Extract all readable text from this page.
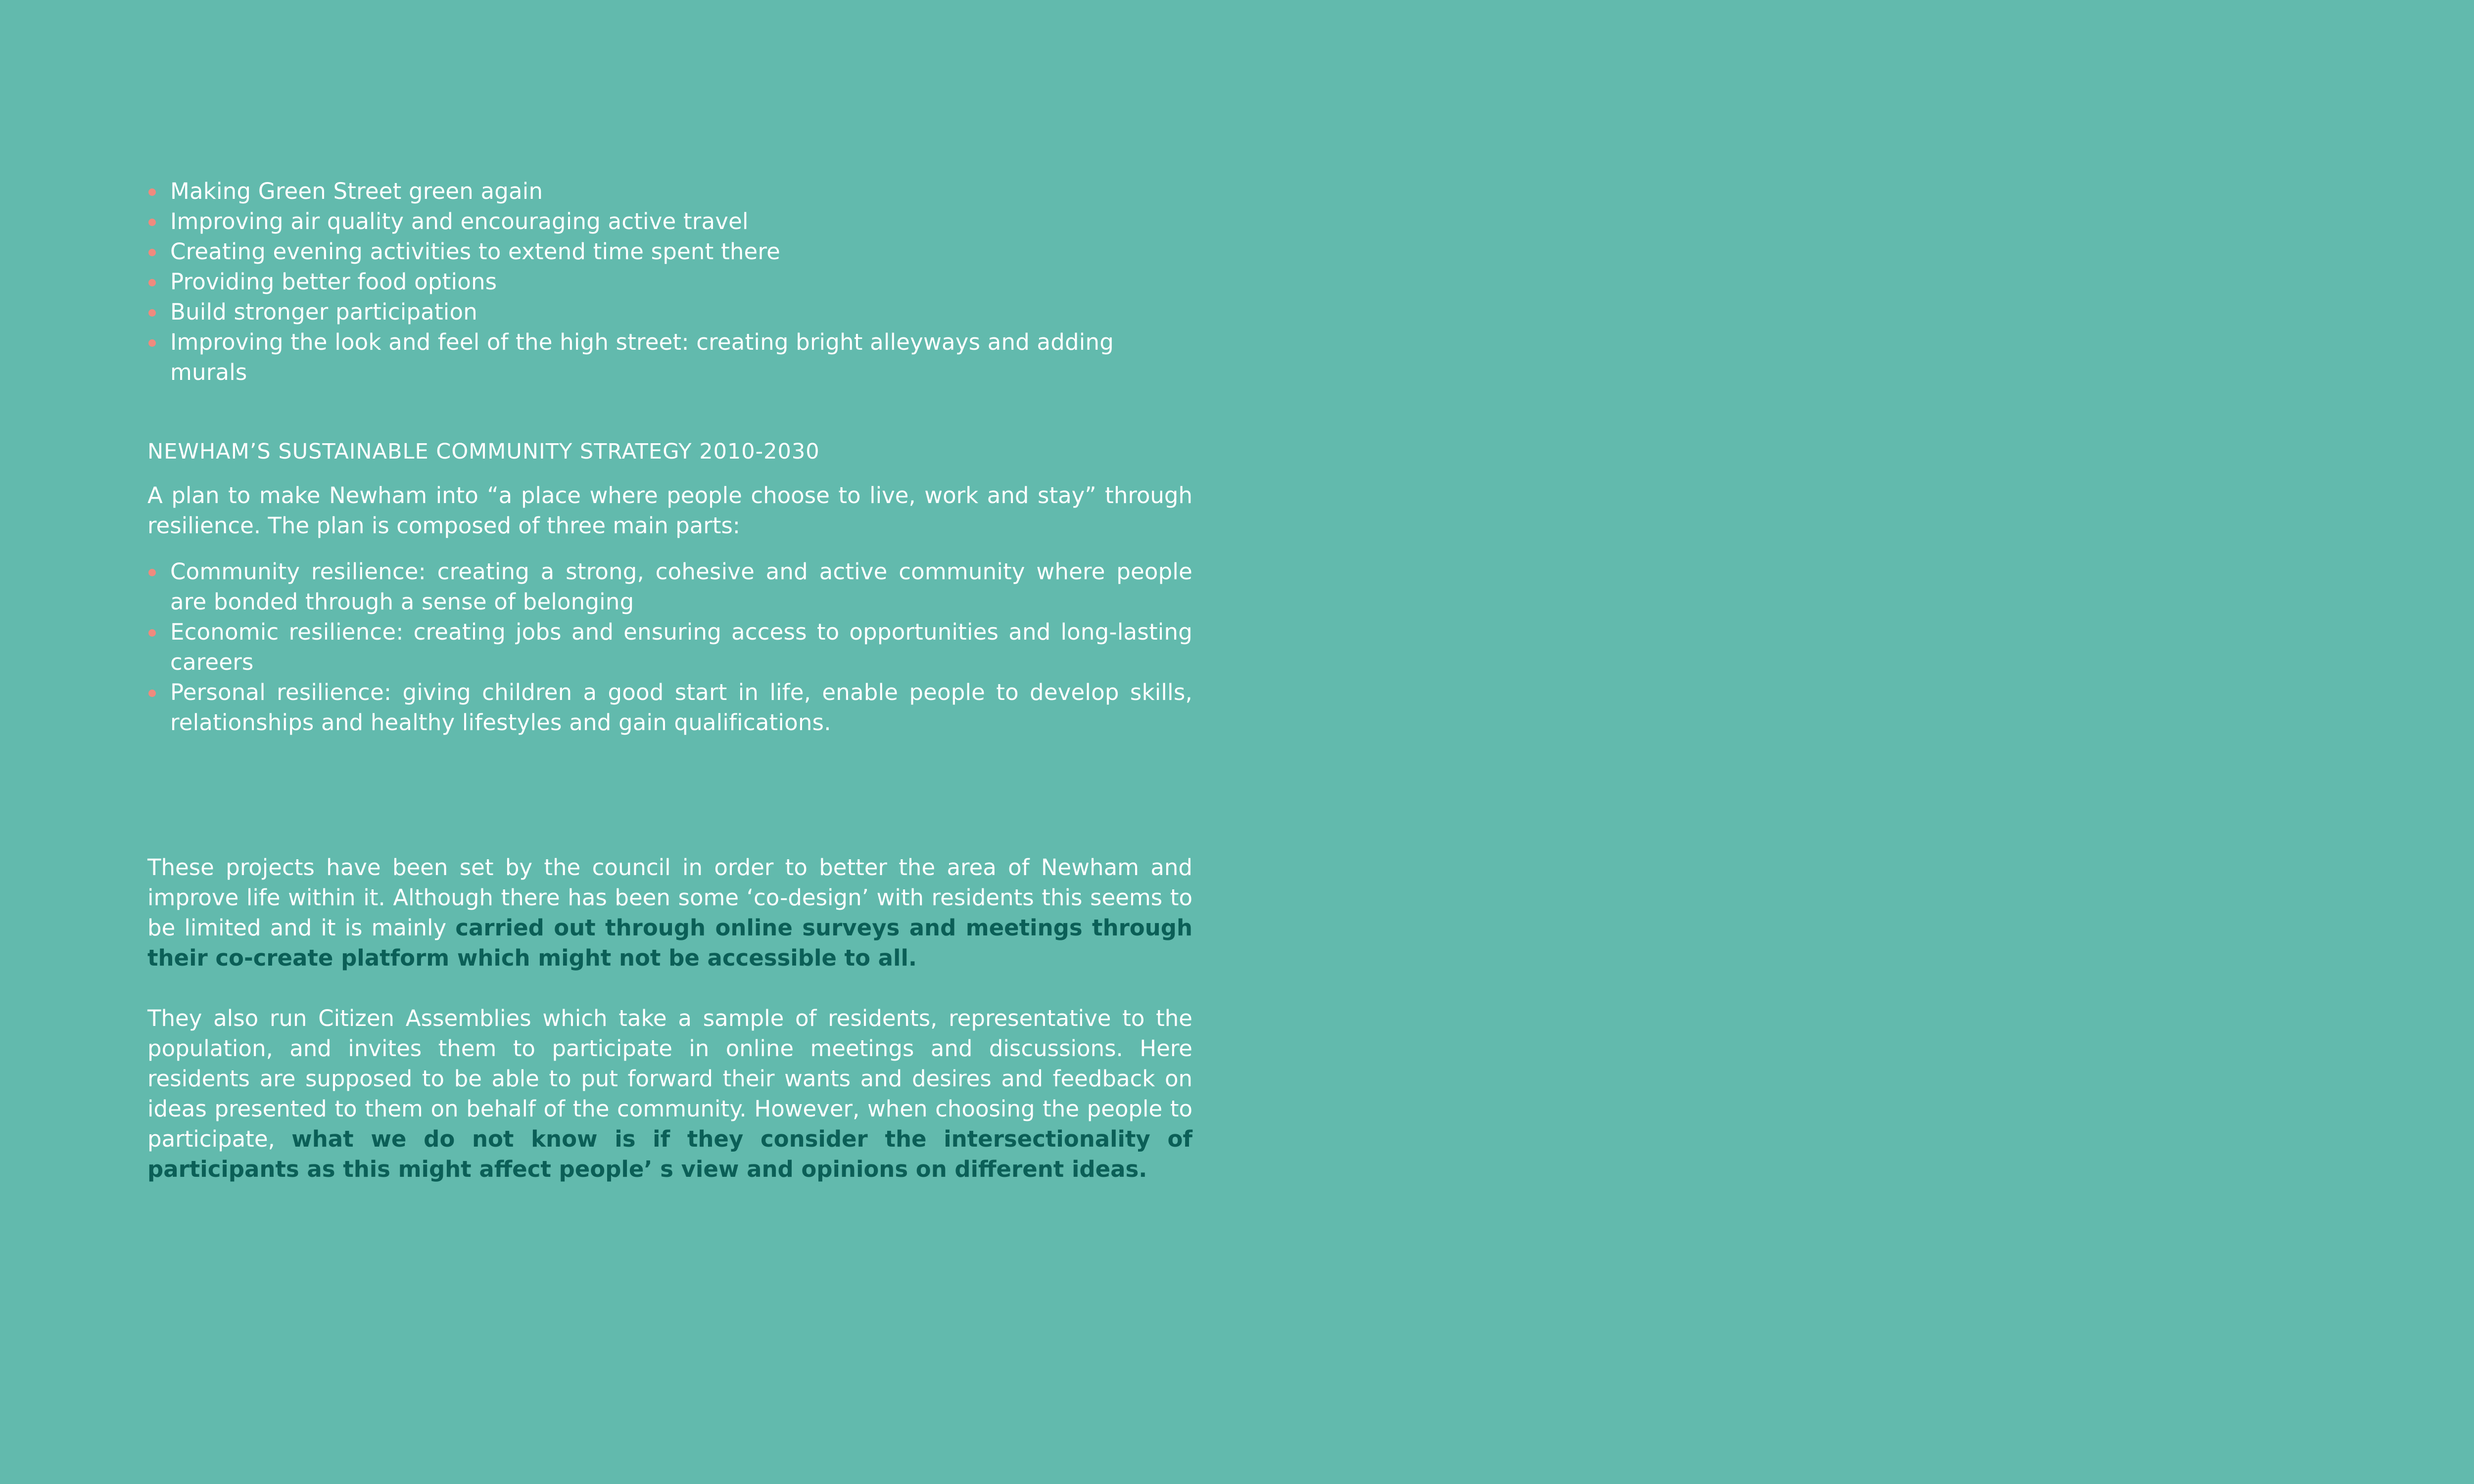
Making Green Street green again
Improving air quality and encouraging active travel
Creating evening activities to extend time spent there
Providing better food options
Build stronger participation
Improving the look and feel of the high street: creating bright alleyways and adding murals
NEWHAM’S SUSTAINABLE COMMUNITY STRATEGY 2010-2030

A plan to make Newham into “a place where people choose to live, work and stay” through resilience. The plan is composed of three main parts:

Community resilience: creating a strong, cohesive and active community where people are bonded through a sense of belonging
Economic resilience: creating jobs and ensuring access to opportunities and long-lasting careers
Personal resilience: giving children a good start in life, enable people to develop skills, relationships and healthy lifestyles and gain qualifications.

These projects have been set by the council in order to better the area of Newham and improve life within it. Although there has been some ‘co-design’ with residents this seems to be limited and it is mainly carried out through online surveys and meetings through their co-create platform which might not be accessible to all.

They also run Citizen Assemblies which take a sample of residents, representative to the population, and invites them to participate in online meetings and discussions. Here residents are supposed to be able to put forward their wants and desires and feedback on ideas presented to them on behalf of the community. However, when choosing the people to participate, what we do not know is if they consider the intersectionality of participants as this might affect people’ s view and opinions on different ideas.
